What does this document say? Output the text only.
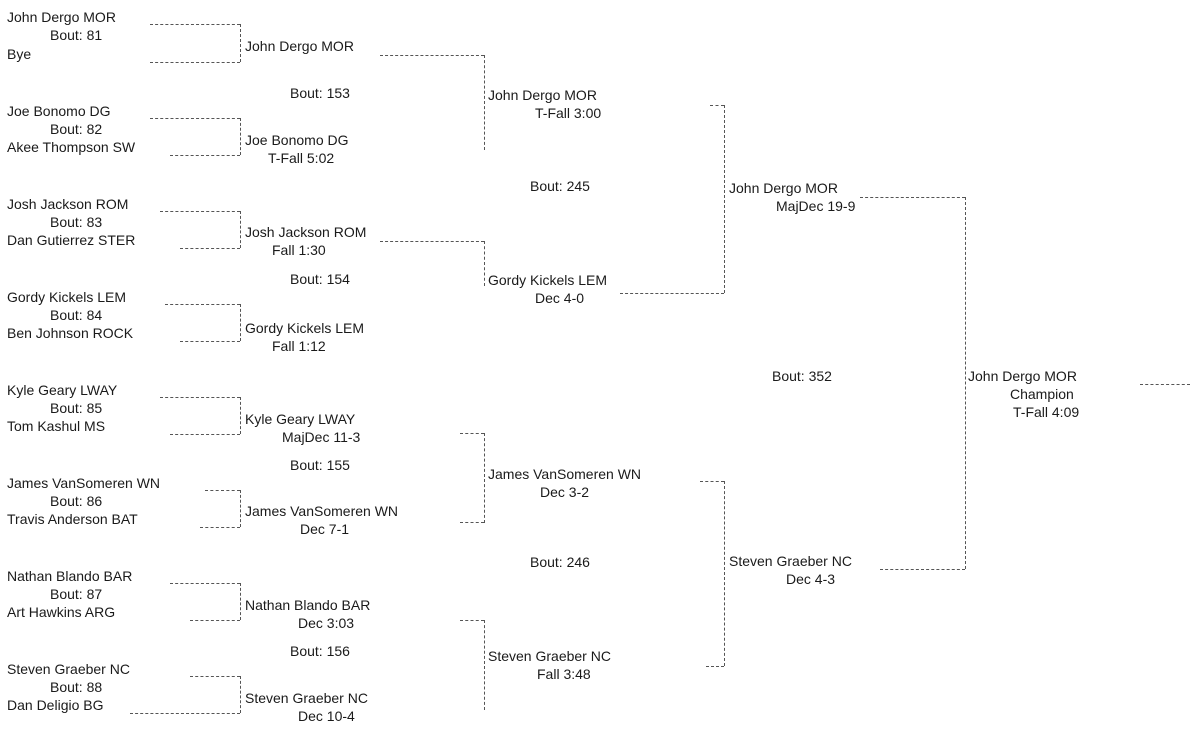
John Dergo MOR
Bout: 81
Bye
Joe Bonomo DG
Bout: 82
Akee Thompson SW
Josh Jackson ROM
Bout: 83
Dan Gutierrez STER
Gordy Kickels LEM
Bout: 84
Ben Johnson ROCK
Kyle Geary LWAY
Bout: 85
Tom Kashul MS
James VanSomeren WN
Bout: 86
Travis Anderson BAT
Nathan Blando BAR
Bout: 87
Art Hawkins ARG
Steven Graeber NC
Bout: 88
Dan Deligio BG
John Dergo MOR
Joe Bonomo DG
T-Fall 5:02
Josh Jackson ROM
Fall 1:30
Gordy Kickels LEM
Fall 1:12
Kyle Geary LWAY
MajDec 11-3
James VanSomeren WN
Dec 7-1
Nathan Blando BAR
Dec 3:03
Steven Graeber NC
Dec 10-4
Bout: 153
Bout: 154
Bout: 155
Bout: 156
John Dergo MOR
T-Fall 3:00
Gordy Kickels LEM
Dec 4-0
James VanSomeren WN
Dec 3-2
Steven Graeber NC
Fall 3:48
Bout: 245
Bout: 246
John Dergo MOR
MajDec 19-9
Steven Graeber NC
Dec 4-3
Bout: 352	John Dergo MOR
Champion
T-Fall 4:09
